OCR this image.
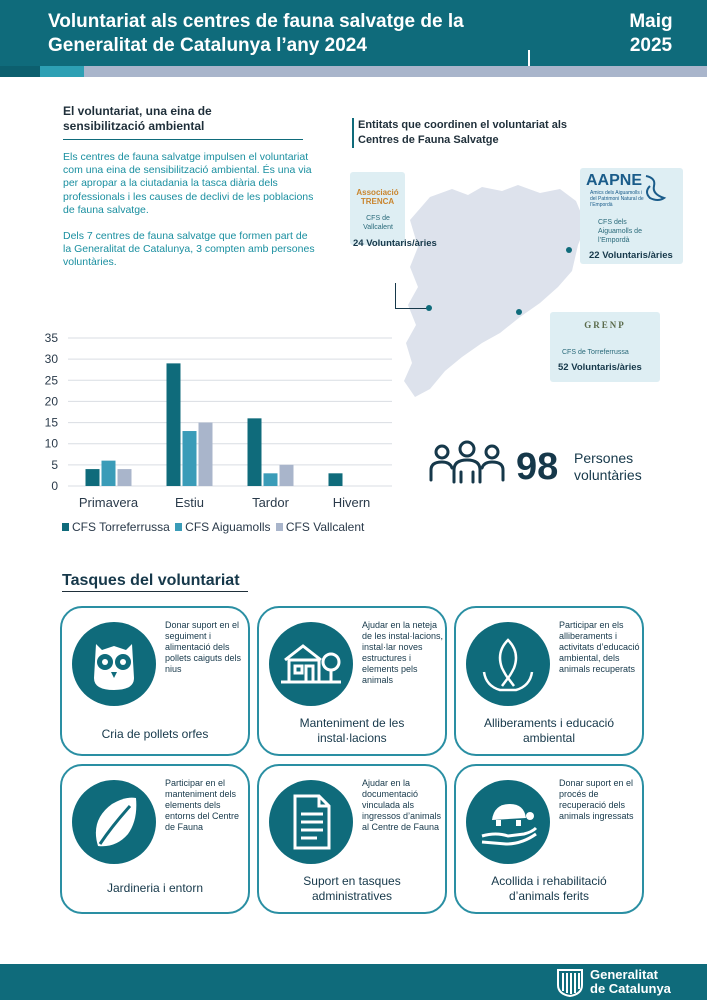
Voluntariat als centres de fauna salvatge de la Generalitat de Catalunya l’any 2024
Maig
2025
El voluntariat, una eina de sensibilització ambiental

Els centres de fauna salvatge impulsen el voluntariat com una eina de sensibilització ambiental. És una via per apropar a la ciutadania la tasca diària dels professionals i les causes de declivi de les poblacions de fauna salvatge.

Dels 7 centres de fauna salvatge que formen part de la Generalitat de Catalunya, 3 compten amb persones voluntàries.

Entitats que coordinen el voluntariat als Centres de Fauna Salvatge
Associació TRENCA
CFS de Vallcalent
24 Voluntaris/àries
AAPNE
Amics dels Aiguamolls i del Patrimoni Natural de l’Empordà
CFS dels Aiguamolls de l’Empordà
22 Voluntaris/àries
GRENP
CFS de Torreferrussa
52 Voluntaris/àries
0
5
10
15
20
25
30
35
Primavera	Estiu	Tardor	Hivern
CFS Torreferrussa CFS Aiguamolls CFS Vallcalent
98 Persones voluntàries
Tasques del voluntariat
Donar suport en el seguiment i alimentació dels pollets caiguts dels nius
Cria de pollets orfes
Ajudar en la neteja de les instal·lacions, instal·lar noves estructures i elements pels animals
Manteniment de les instal·lacions
Participar en els alliberaments i activitats d’educació ambiental, dels animals recuperats
Alliberaments i educació ambiental
Participar en el manteniment dels elements dels entorns del Centre de Fauna
Jardineria i entorn
Ajudar en la documentació vinculada als ingressos d’animals al Centre de Fauna
Suport en tasques administratives
Donar suport en el procés de recuperació dels animals ingressats
Acollida i rehabilitació d’animals ferits
Generalitat
de Catalunya
